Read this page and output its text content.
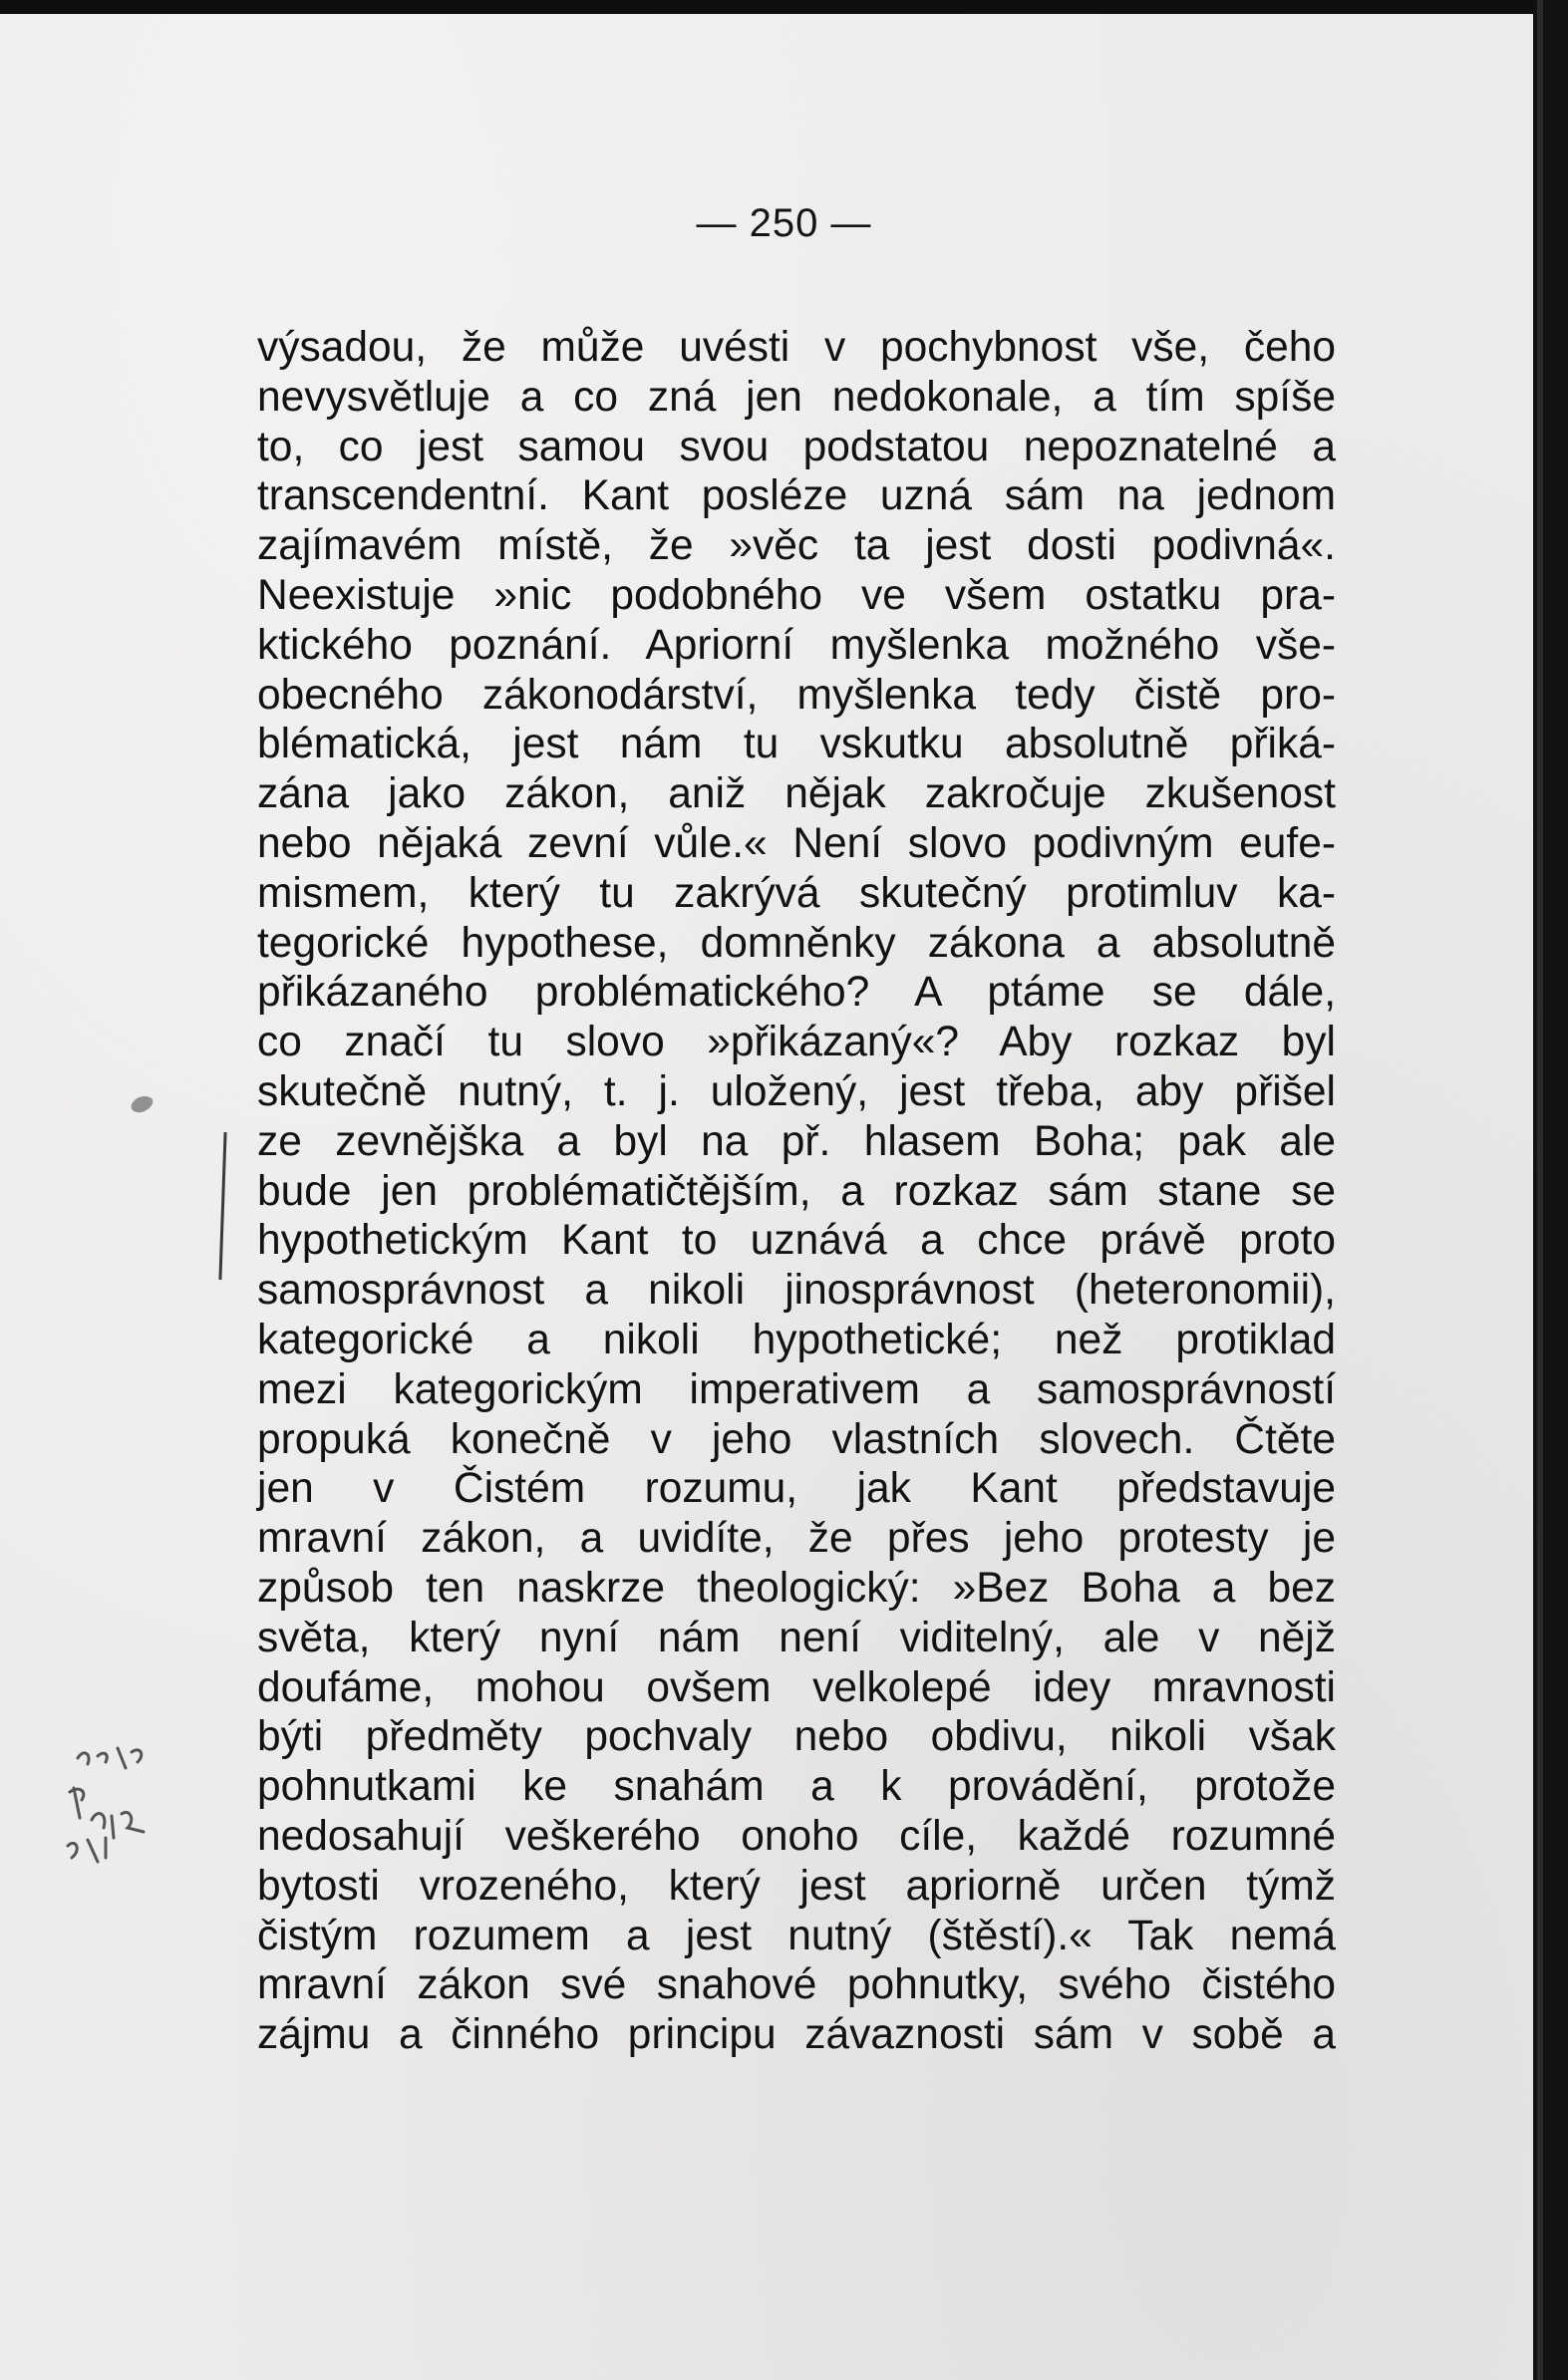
— 250 —
výsadou, že může uvésti v pochybnost vše, čeho
nevysvětluje a co zná jen nedokonale, a tím spíše
to, co jest samou svou podstatou nepoznatelné a
transcendentní. Kant posléze uzná sám na jednom
zajímavém místě, že »věc ta jest dosti podivná«.
Neexistuje »nic podobného ve všem ostatku pra-
ktického poznání. Apriorní myšlenka možného vše-
obecného zákonodárství, myšlenka tedy čistě pro-
blématická, jest nám tu vskutku absolutně přiká-
zána jako zákon, aniž nějak zakročuje zkušenost
nebo nějaká zevní vůle.« Není slovo podivným eufe-
mismem, který tu zakrývá skutečný protimluv ka-
tegorické hypothese, domněnky zákona a absolutně
přikázaného problématického? A ptáme se dále,
co značí tu slovo »přikázaný«? Aby rozkaz byl
skutečně nutný, t. j. uložený, jest třeba, aby přišel
ze zevnějška a byl na př. hlasem Boha; pak ale
bude jen problématičtějším, a rozkaz sám stane se
hypothetickým Kant to uznává a chce právě proto
samosprávnost a nikoli jinosprávnost (heteronomii),
kategorické a nikoli hypothetické; než protiklad
mezi kategorickým imperativem a samosprávností
propuká konečně v jeho vlastních slovech. Čtěte
jen v Čistém rozumu, jak Kant představuje
mravní zákon, a uvidíte, že přes jeho protesty je
způsob ten naskrze theologický: »Bez Boha a bez
světa, který nyní nám není viditelný, ale v nějž
doufáme, mohou ovšem velkolepé idey mravnosti
býti předměty pochvaly nebo obdivu, nikoli však
pohnutkami ke snahám a k provádění, protože
nedosahují veškerého onoho cíle, každé rozumné
bytosti vrozeného, který jest apriorně určen týmž
čistým rozumem a jest nutný (štěstí).« Tak nemá
mravní zákon své snahové pohnutky, svého čistého
zájmu a činného principu závaznosti sám v sobě a
